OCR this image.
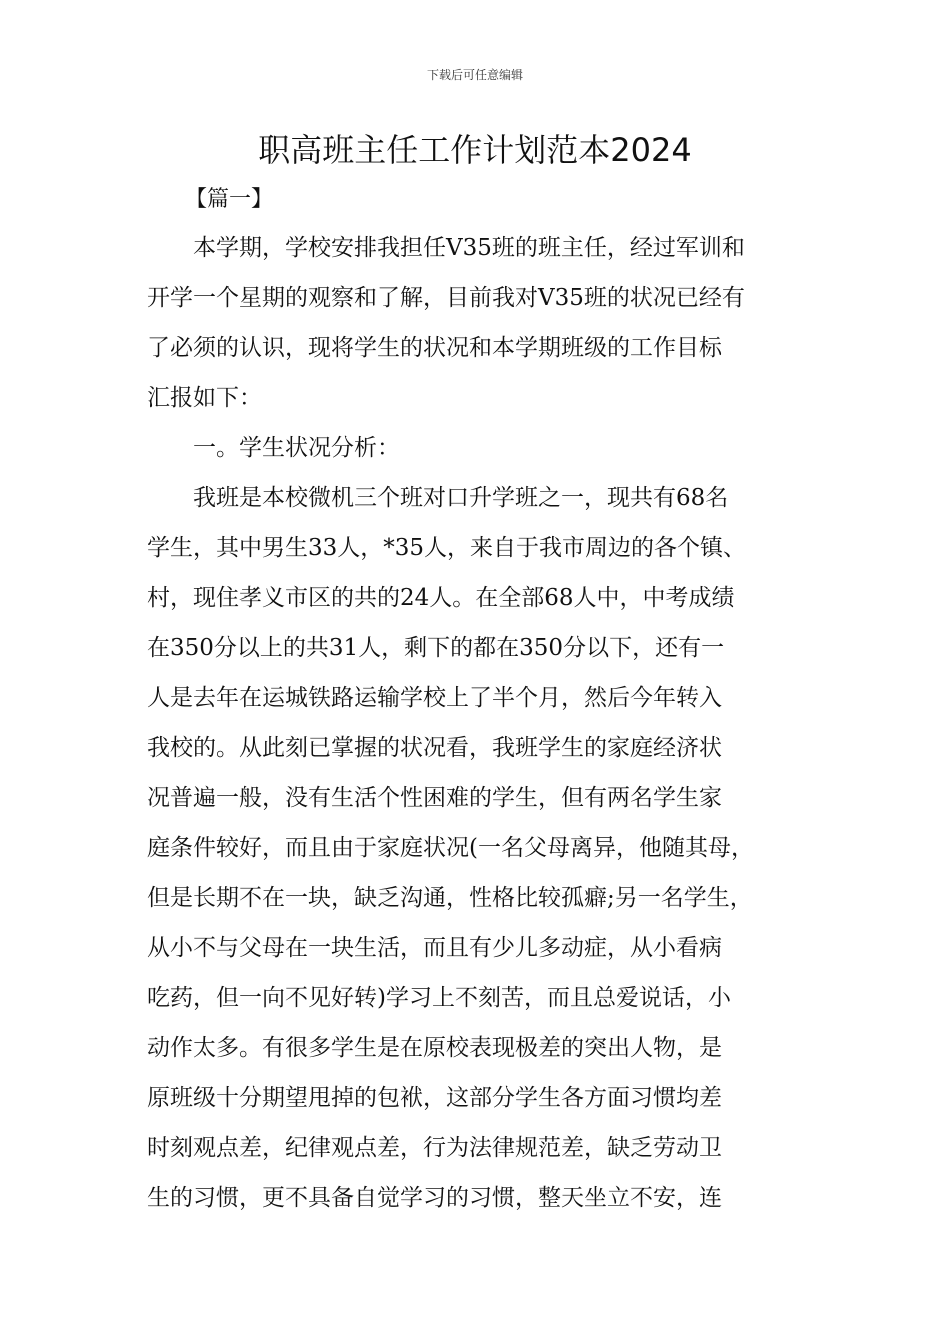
下载后可任意编辑
职高班主任工作计划范本2024
【篇一】
　　本学期，学校安排我担任V35班的班主任，经过军训和
开学一个星期的观察和了解，目前我对V35班的状况已经有
了必须的认识，现将学生的状况和本学期班级的工作目标
汇报如下：
　　一。学生状况分析：
　　我班是本校微机三个班对口升学班之一，现共有68名
学生，其中男生33人，*35人，来自于我市周边的各个镇、
村，现住孝义市区的共的24人。在全部68人中，中考成绩
在350分以上的共31人，剩下的都在350分以下，还有一
人是去年在运城铁路运输学校上了半个月，然后今年转入
我校的。从此刻已掌握的状况看，我班学生的家庭经济状
况普遍一般，没有生活个性困难的学生，但有两名学生家
庭条件较好，而且由于家庭状况(一名父母离异，他随其母，
但是长期不在一块，缺乏沟通，性格比较孤癖;另一名学生，
从小不与父母在一块生活，而且有少儿多动症，从小看病
吃药，但一向不见好转)学习上不刻苦，而且总爱说话，小
动作太多。有很多学生是在原校表现极差的突出人物，是
原班级十分期望甩掉的包袱，这部分学生各方面习惯均差
时刻观点差，纪律观点差，行为法律规范差，缺乏劳动卫
生的习惯，更不具备自觉学习的习惯，整天坐立不安，连
